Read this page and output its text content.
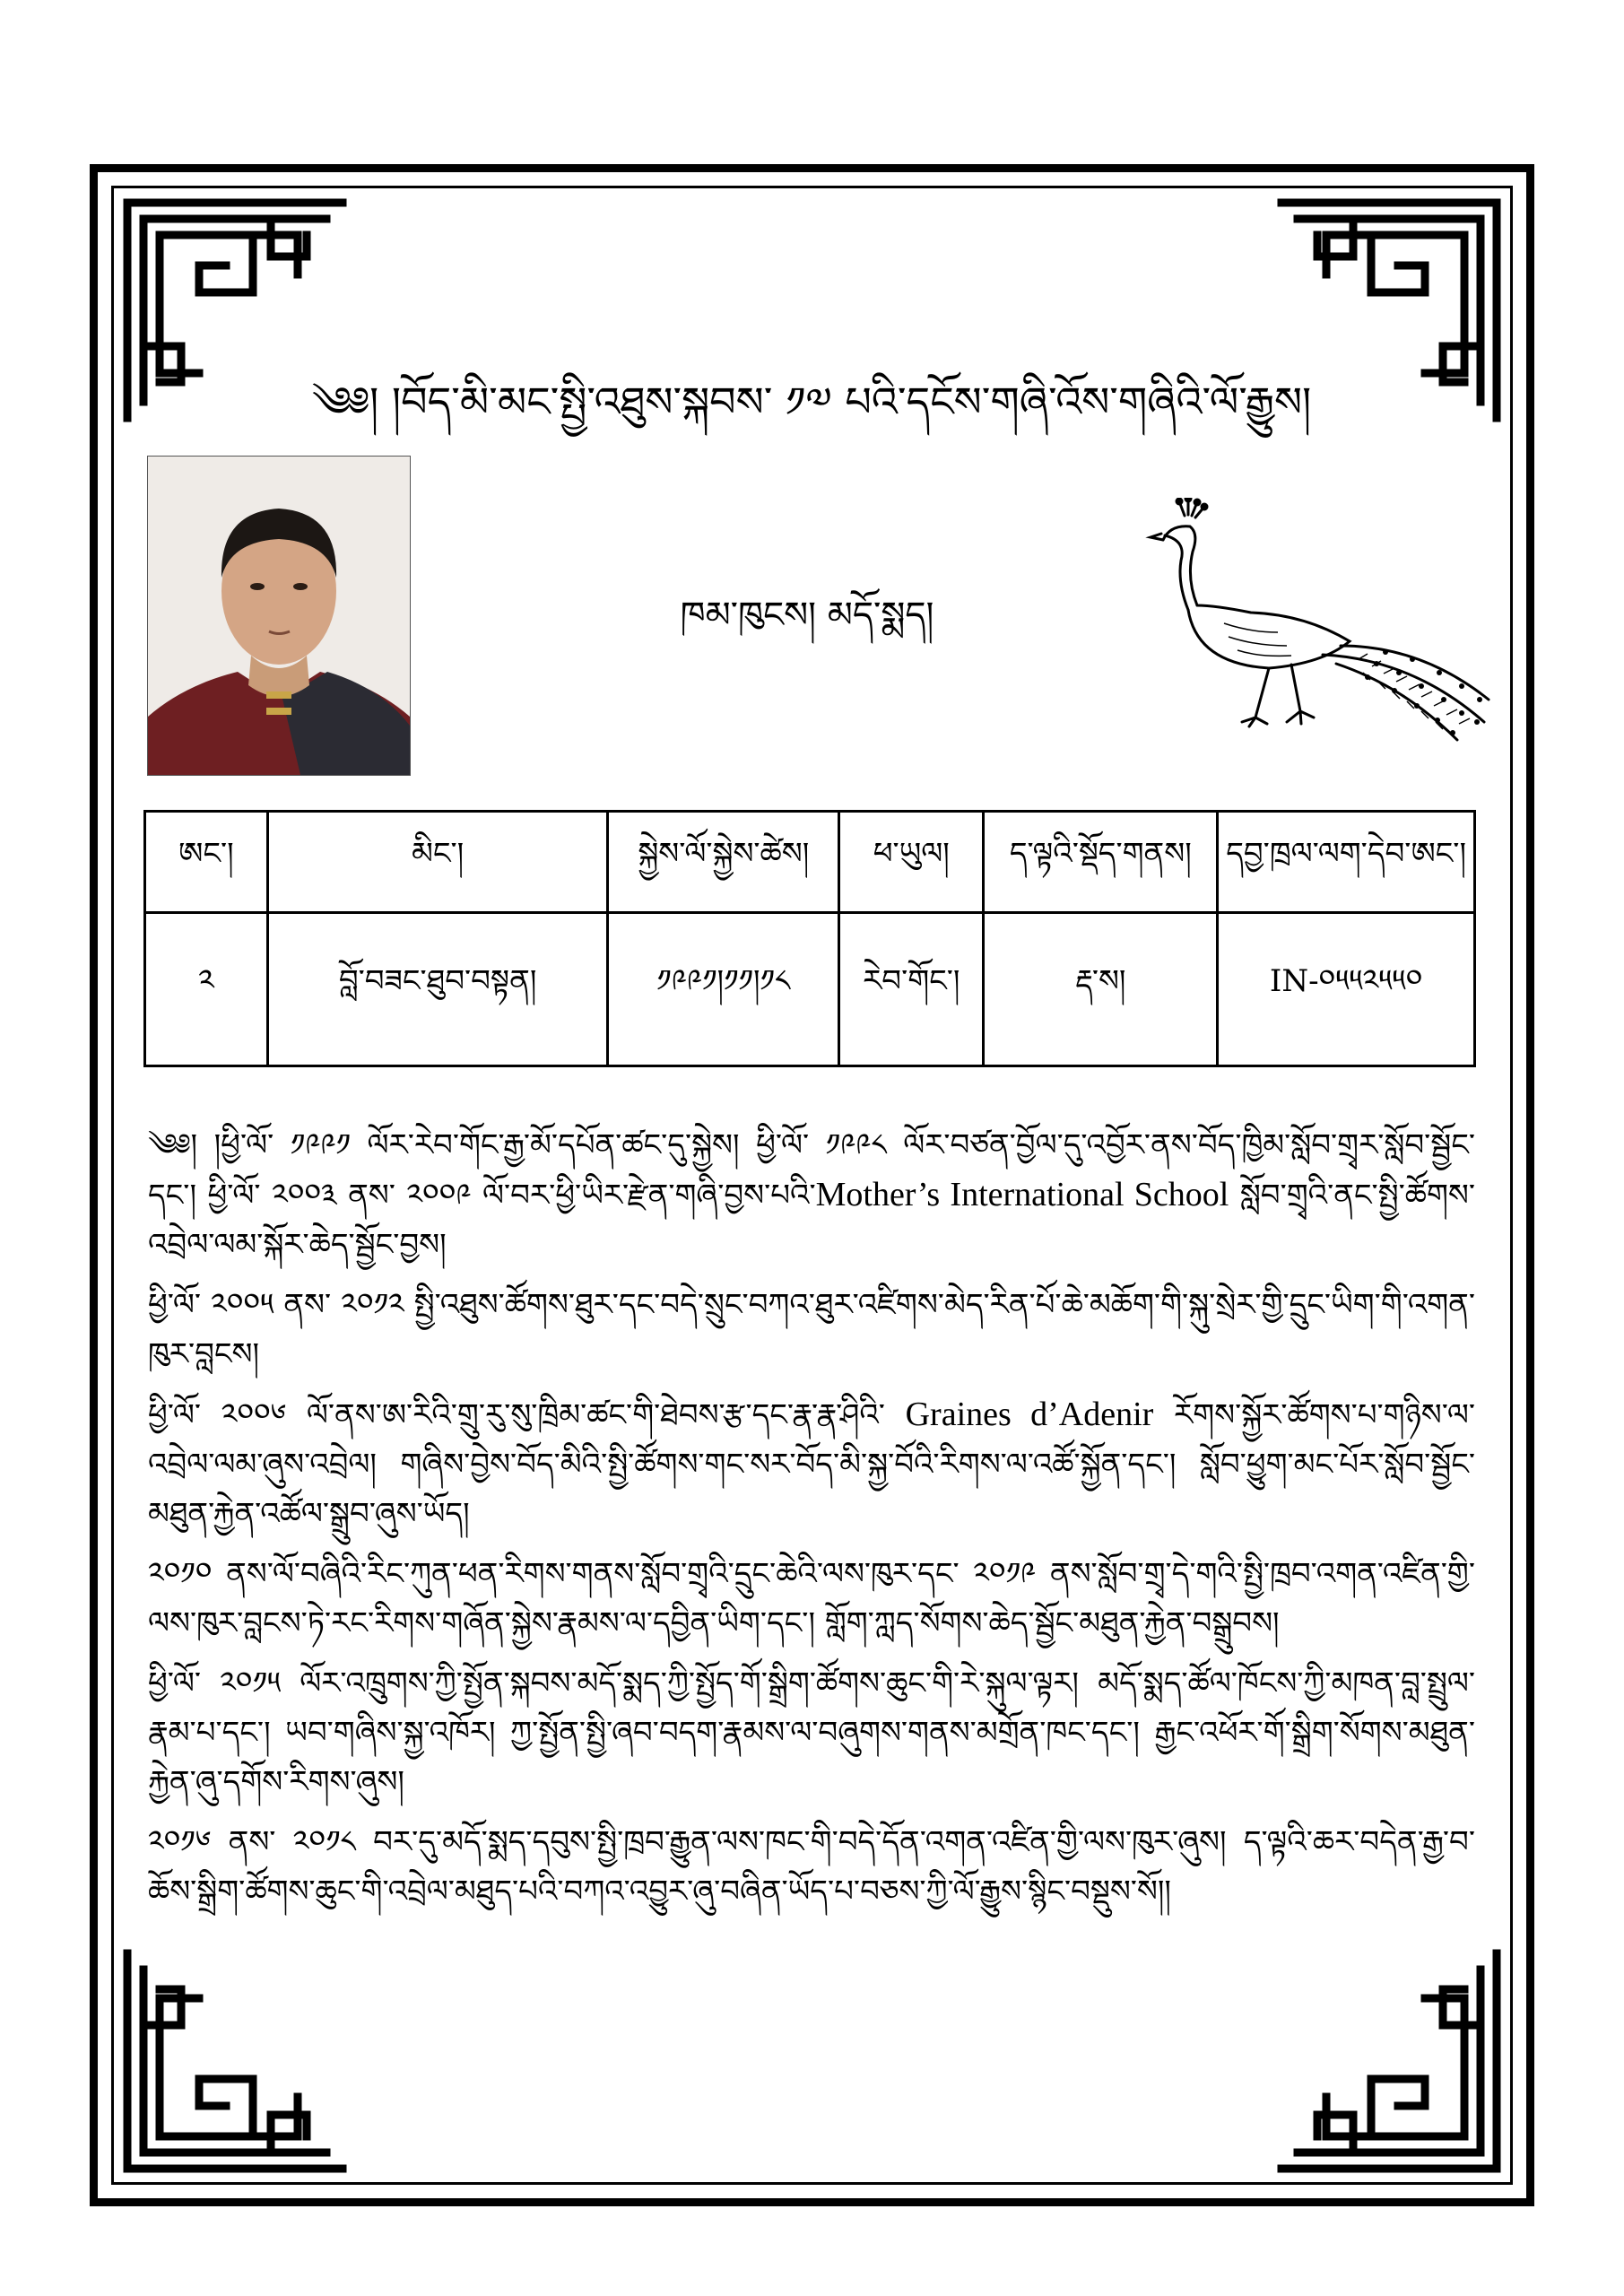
༄༅། །བོད་མི་མང་སྤྱི་འཐུས་སྐབས་ ༡༧ པའི་དངོས་གཞི་འོས་གཞིའི་ལོ་རྒྱུས།
ཁམ་ཁུངས། མདོ་སྨད།
ཨང་།	མིང་།	སྐྱེས་ལོ་སྐྱེས་ཚེས།	ཕ་ཡུལ།	ད་ལྟའི་སྡོད་གནས།	དབྱ་ཁྲལ་ལག་དེབ་ཨང་།
༢	བློ་བཟང་ཐུབ་བསྟན།	༡༩༩༡།༡༡།༡༨	རེབ་གོང་།	རྡ་ས།	IN-༠༥༥༢༥༥༠

༄༅། །ཕྱི་ལོ་ ༡༩༩༡ ལོར་རེབ་གོང་རྒྱ་མོ་དཔོན་ཚང་དུ་སྐྱེས། ཕྱི་ལོ་ ༡༩༩༨ ལོར་བཙན་བྱོལ་དུ་འབྱོར་ནས་བོད་ཁྱིམ་སློབ་གྲྭར་སློབ་སྦྱོང་དང་། ཕྱི་ལོ་ ༢༠༠༣ ནས་ ༢༠༠༩ ལོ་བར་ཕྱི་ཡིར་རྫེན་གཞི་བྱས་པའི་Mother’s International School སློབ་གྲྭའི་ནང་སྤྱི་ཚོགས་འབྲེལ་ལམ་སྐོར་ཆེད་སྦྱོང་བྱས།

ཕྱི་ལོ་ ༢༠༠༥ ནས་ ༢༠༡༢ སྤྱི་འཐུས་ཚོགས་ཐུར་དང་བདེ་སྲུང་བཀའ་ཐུར་འཛིགས་མེད་རིན་པོ་ཆེ་མཆོག་གི་སྐུ་སྲེར་གྱི་དྲུང་ཡིག་གི་འགན་ཁུར་བླངས།

ཕྱི་ལོ་ ༢༠༠༦ ལོ་ནས་ཨ་རིའི་གྲུ་རུ་སུ་ཁྲིམ་ཚང་གི་ཐེབས་རྩ་དང་རྣ་རྣ་ཤིའི་ Graines d’Adenir རོགས་སྐྱོར་ཚོགས་པ་གཉིས་ལ་འབྲེལ་ལམ་ཞུས་འབྲེལ། གཞིས་བྱེས་བོད་མིའི་སྤྱི་ཚོགས་གང་སར་བོད་མི་སྐྱ་བོའི་རིགས་ལ་འཚོ་སྐྱོན་དང་། སློབ་ཕྱུག་མང་པོར་སློབ་སྦྱོང་མཐུན་རྐྱེན་འཚོལ་སྒྲུབ་ཞུས་ཡོད།

༢༠༡༠ ནས་ལོ་བཞིའི་རིང་ཀུན་ཕན་རིགས་གནས་སློབ་གྲྭའི་དྲུང་ཆེའི་ལས་ཁུར་དང་ ༢༠༡༩ ནས་སློབ་གྲྭ་དེ་གའི་སྤྱི་ཁྲབ་འགན་འཛིན་གྱི་ལས་ཁུར་བླངས་ཏེ་རང་རིགས་གཞོན་སྐྱེས་རྣམས་ལ་དབྱིན་ཡིག་དང་། གློག་ཀླད་སོགས་ཆེད་སྦྱོང་མཐུན་རྐྱེན་བསྒྲུབས།

ཕྱི་ལོ་ ༢༠༡༥ ལོར་འཁྲུགས་ཀྱི་སྤྱོན་སྐབས་མདོ་སྨད་ཀྱི་སྤྱོད་གོ་སྒྲིག་ཚོགས་ཆུང་གི་རེ་སྐུལ་ལྟར། མདོ་སྨད་ཚོལ་ཁོངས་ཀྱི་མཁན་བླ་སྤྲུལ་རྣམ་པ་དང་། ཡབ་གཞིས་སྐྱ་འཁོར། ཀྱ་སྤྱོན་སྤྱི་ཞབ་བདག་རྣམས་ལ་བཞུགས་གནས་མགྲོན་ཁང་དང་། རྒྱང་འཕོར་གོ་སྒྲིག་སོགས་མཐུན་རྐྱེན་ཞུ་དགོས་རིགས་ཞུས།

༢༠༡༦ ནས་ ༢༠༡༨ བར་དུ་མདོ་སྨད་དབུས་སྤྱི་ཁྲབ་རྒྱུན་ལས་ཁང་གི་བདེ་དོན་འགན་འཛིན་གྱི་ལས་ཁུར་ཞུས། ད་ལྟའི་ཆར་བདེན་རྒྱ་བ་ཆོས་སྒྲིག་ཚོགས་ཆུང་གི་འབྲེལ་མཐུད་པའི་བཀའ་འབྱུར་ཞུ་བཞིན་ཡོད་པ་བཅས་ཀྱི་ལོ་རྒྱུས་སྙིང་བསྡུས་སོ།།
